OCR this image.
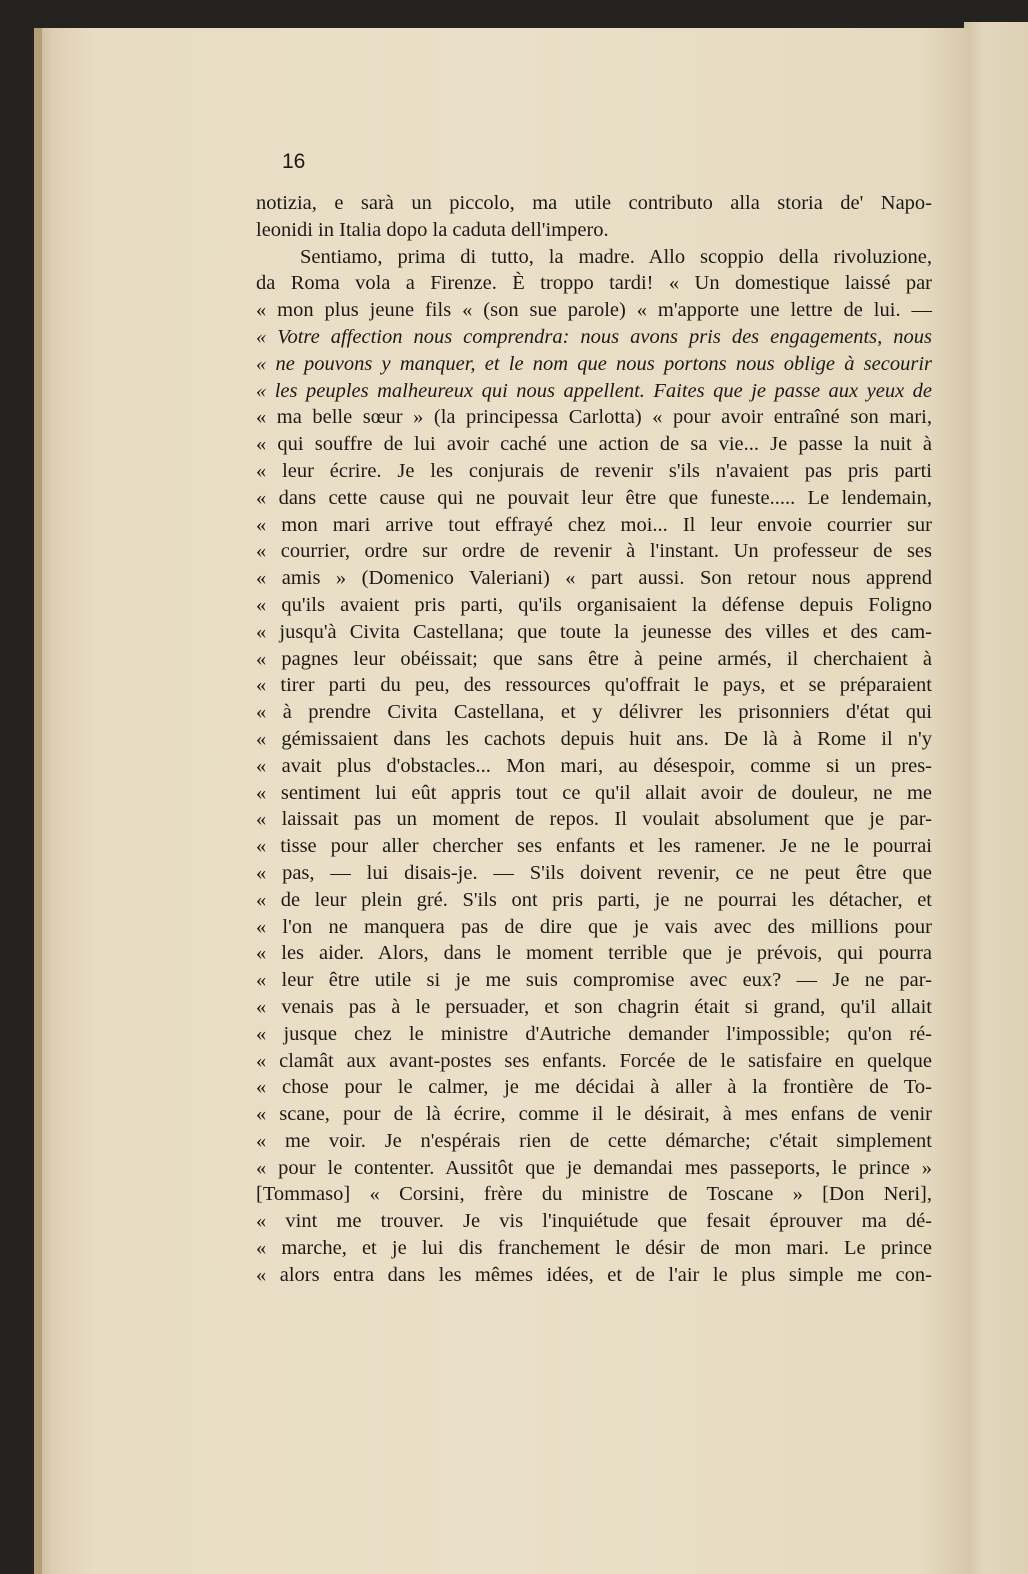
16
notizia, e sarà un piccolo, ma utile contributo alla storia de' Napo-
leonidi in Italia dopo la caduta dell'impero.
Sentiamo, prima di tutto, la madre. Allo scoppio della rivoluzione,
da Roma vola a Firenze. È troppo tardi! « Un domestique laissé par
« mon plus jeune fils « (son sue parole) « m'apporte une lettre de lui. —
« Votre affection nous comprendra: nous avons pris des engagements, nous
« ne pouvons y manquer, et le nom que nous portons nous oblige à secourir
« les peuples malheureux qui nous appellent. Faites que je passe aux yeux de
« ma belle sœur » (la principessa Carlotta) « pour avoir entraîné son mari,
« qui souffre de lui avoir caché une action de sa vie... Je passe la nuit à
« leur écrire. Je les conjurais de revenir s'ils n'avaient pas pris parti
« dans cette cause qui ne pouvait leur être que funeste..... Le lendemain,
« mon mari arrive tout effrayé chez moi... Il leur envoie courrier sur
« courrier, ordre sur ordre de revenir à l'instant. Un professeur de ses
« amis » (Domenico Valeriani) « part aussi. Son retour nous apprend
« qu'ils avaient pris parti, qu'ils organisaient la défense depuis Foligno
« jusqu'à Civita Castellana; que toute la jeunesse des villes et des cam-
« pagnes leur obéissait; que sans être à peine armés, il cherchaient à
« tirer parti du peu, des ressources qu'offrait le pays, et se préparaient
« à prendre Civita Castellana, et y délivrer les prisonniers d'état qui
« gémissaient dans les cachots depuis huit ans. De là à Rome il n'y
« avait plus d'obstacles... Mon mari, au désespoir, comme si un pres-
« sentiment lui eût appris tout ce qu'il allait avoir de douleur, ne me
« laissait pas un moment de repos. Il voulait absolument que je par-
« tisse pour aller chercher ses enfants et les ramener. Je ne le pourrai
« pas, — lui disais-je. — S'ils doivent revenir, ce ne peut être que
« de leur plein gré. S'ils ont pris parti, je ne pourrai les détacher, et
« l'on ne manquera pas de dire que je vais avec des millions pour
« les aider. Alors, dans le moment terrible que je prévois, qui pourra
« leur être utile si je me suis compromise avec eux? — Je ne par-
« venais pas à le persuader, et son chagrin était si grand, qu'il allait
« jusque chez le ministre d'Autriche demander l'impossible; qu'on ré-
« clamât aux avant-postes ses enfants. Forcée de le satisfaire en quelque
« chose pour le calmer, je me décidai à aller à la frontière de To-
« scane, pour de là écrire, comme il le désirait, à mes enfans de venir
« me voir. Je n'espérais rien de cette démarche; c'était simplement
« pour le contenter. Aussitôt que je demandai mes passeports, le prince »
[Tommaso] « Corsini, frère du ministre de Toscane » [Don Neri],
« vint me trouver. Je vis l'inquiétude que fesait éprouver ma dé-
« marche, et je lui dis franchement le désir de mon mari. Le prince
« alors entra dans les mêmes idées, et de l'air le plus simple me con-
